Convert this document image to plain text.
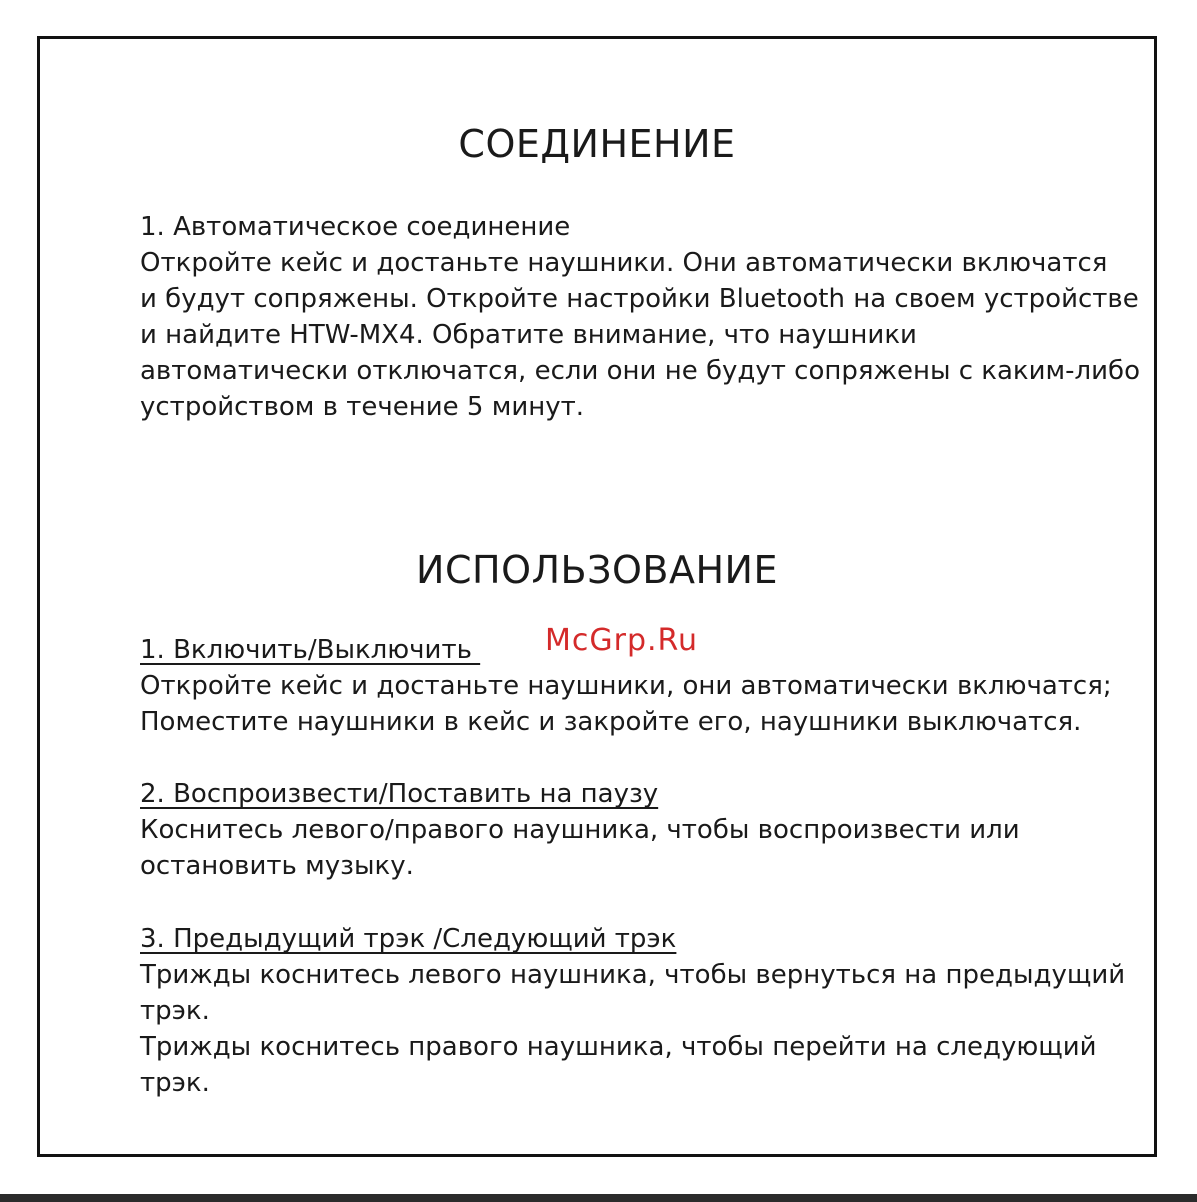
СОЕДИНЕНИЕ

1. Автоматическое соединение

Откройте кейс и достаньте наушники. Они автоматически включатся

и будут сопряжены. Откройте настройки Bluetooth на своем устройстве

и найдите HTW-MX4. Обратите внимание, что наушники

автоматически отключатся, если они не будут сопряжены с каким-либо

устройством в течение 5 минут.

ИСПОЛЬЗОВАНИЕ

1. Включить/Выключить

Откройте кейс и достаньте наушники, они автоматически включатся;

Поместите наушники в кейс и закройте его, наушники выключатся.

2. Воспроизвести/Поставить на паузу

Коснитесь левого/правого наушника, чтобы воспроизвести или

остановить музыку.

3. Предыдущий трэк /Следующий трэк

Трижды коснитесь левого наушника, чтобы вернуться на предыдущий

трэк.

Трижды коснитесь правого наушника, чтобы перейти на следующий

трэк.

McGrp.Ru
